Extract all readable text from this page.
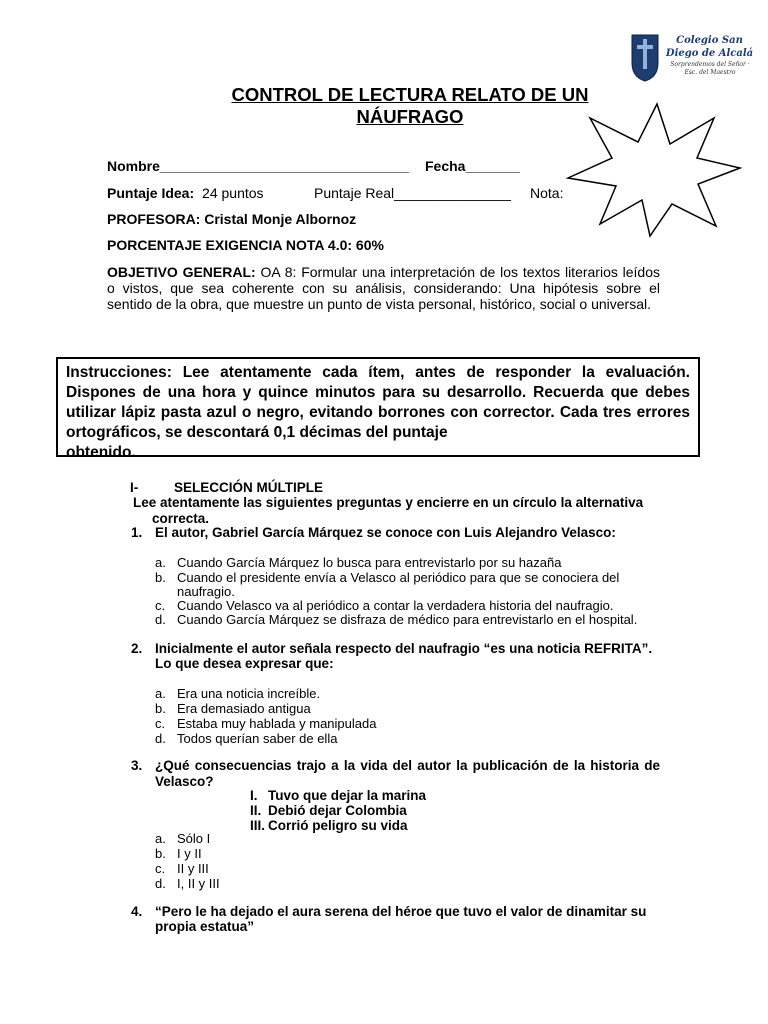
Colegio San Diego de Alcalá
Sorprendemos del Señor · Esc. del Maestro
CONTROL DE LECTURA RELATO DE UN
NÁUFRAGO
Nombre________________________________ Fecha_______
Puntaje Idea: 24 puntos	Puntaje Real_______________ Nota:
PROFESORA: Cristal Monje Albornoz
PORCENTAJE EXIGENCIA NOTA 4.0: 60%
OBJETIVO GENERAL: OA 8: Formular una interpretación de los textos literarios leídos o vistos, que sea coherente con su análisis, considerando: Una hipótesis sobre el sentido de la obra, que muestre un punto de vista personal, histórico, social o universal.
Instrucciones: Lee atentamente cada ítem, antes de responder la evaluación. Dispones de una hora y quince minutos para su desarrollo. Recuerda que debes utilizar lápiz pasta azul o negro, evitando borrones con corrector. Cada tres errores ortográficos, se descontará 0,1 décimas del puntaje
obtenido.
I-	SELECCIÓN MÚLTIPLE
Lee atentamente las siguientes preguntas y encierre en un círculo la alternativa
correcta.
1. El autor, Gabriel García Márquez se conoce con Luis Alejandro Velasco:
a. Cuando García Márquez lo busca para entrevistarlo por su hazaña
b. Cuando el presidente envía a Velasco al periódico para que se conociera del
naufragio.
c. Cuando Velasco va al periódico a contar la verdadera historia del naufragio.
d. Cuando García Márquez se disfraza de médico para entrevistarlo en el hospital.
2. Inicialmente el autor señala respecto del naufragio “es una noticia REFRITA”.
Lo que desea expresar que:
a. Era una noticia increíble.
b. Era demasiado antigua
c. Estaba muy hablada y manipulada
d. Todos querían saber de ella
3. ¿Qué consecuencias trajo a la vida del autor la publicación de la historia de Velasco?
I. Tuvo que dejar la marina
II. Debió dejar Colombia
III. Corrió peligro su vida
a. Sólo I
b. I y II
c. II y III
d. I, II y III
4. “Pero le ha dejado el aura serena del héroe que tuvo el valor de dinamitar su
propia estatua”
